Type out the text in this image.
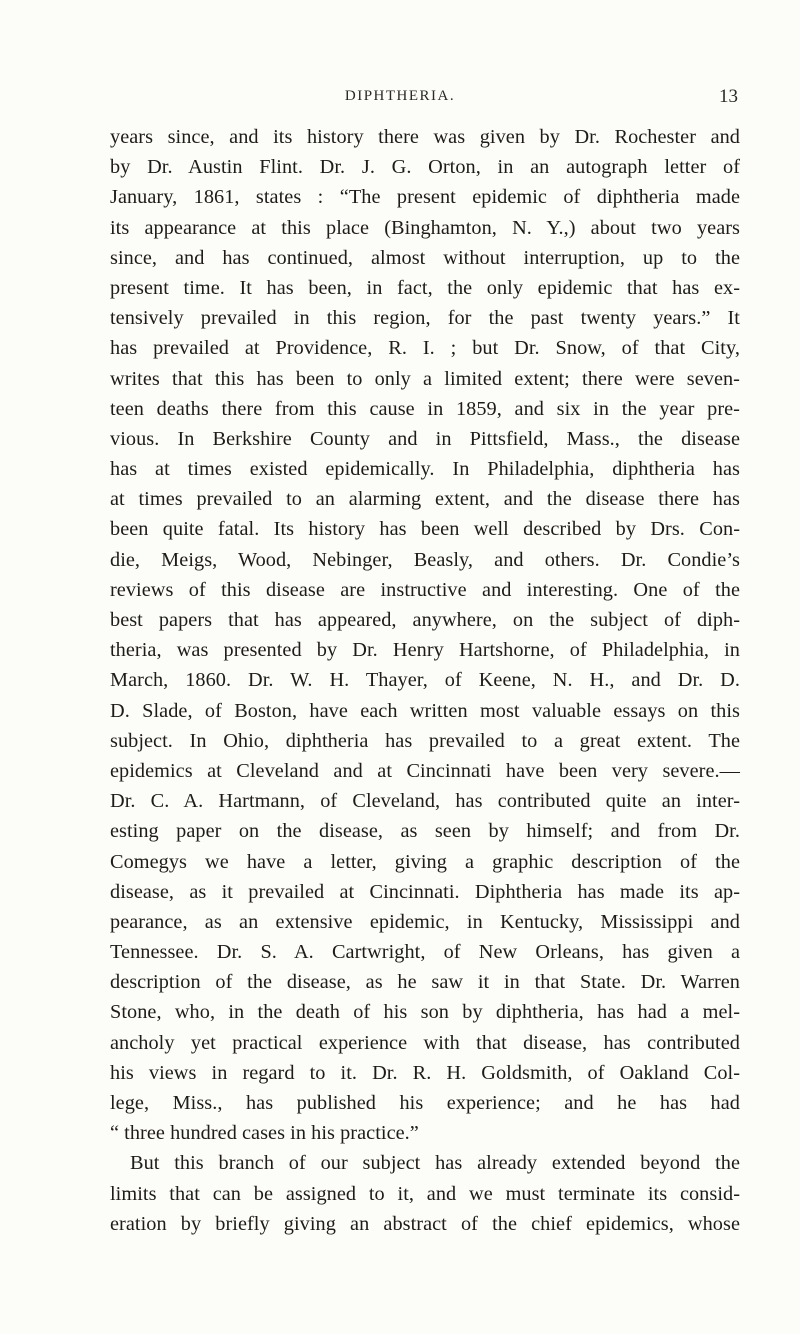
DIPHTHERIA.	13
years since, and its history there was given by Dr. Rochester and
by Dr. Austin Flint. Dr. J. G. Orton, in an autograph letter of
January, 1861, states : “The present epidemic of diphtheria made
its appearance at this place (Binghamton, N. Y.,) about two years
since, and has continued, almost without interruption, up to the
present time. It has been, in fact, the only epidemic that has ex-
tensively prevailed in this region, for the past twenty years.” It
has prevailed at Providence, R. I. ; but Dr. Snow, of that City,
writes that this has been to only a limited extent; there were seven-
teen deaths there from this cause in 1859, and six in the year pre-
vious. In Berkshire County and in Pittsfield, Mass., the disease
has at times existed epidemically. In Philadelphia, diphtheria has
at times prevailed to an alarming extent, and the disease there has
been quite fatal. Its history has been well described by Drs. Con-
die, Meigs, Wood, Nebinger, Beasly, and others. Dr. Condie’s
reviews of this disease are instructive and interesting. One of the
best papers that has appeared, anywhere, on the subject of diph-
theria, was presented by Dr. Henry Hartshorne, of Philadelphia, in
March, 1860. Dr. W. H. Thayer, of Keene, N. H., and Dr. D.
D. Slade, of Boston, have each written most valuable essays on this
subject. In Ohio, diphtheria has prevailed to a great extent. The
epidemics at Cleveland and at Cincinnati have been very severe.—
Dr. C. A. Hartmann, of Cleveland, has contributed quite an inter-
esting paper on the disease, as seen by himself; and from Dr.
Comegys we have a letter, giving a graphic description of the
disease, as it prevailed at Cincinnati. Diphtheria has made its ap-
pearance, as an extensive epidemic, in Kentucky, Mississippi and
Tennessee. Dr. S. A. Cartwright, of New Orleans, has given a
description of the disease, as he saw it in that State. Dr. Warren
Stone, who, in the death of his son by diphtheria, has had a mel-
ancholy yet practical experience with that disease, has contributed
his views in regard to it. Dr. R. H. Goldsmith, of Oakland Col-
lege, Miss., has published his experience; and he has had
“ three hundred cases in his practice.”
But this branch of our subject has already extended beyond the
limits that can be assigned to it, and we must terminate its consid-
eration by briefly giving an abstract of the chief epidemics, whose
